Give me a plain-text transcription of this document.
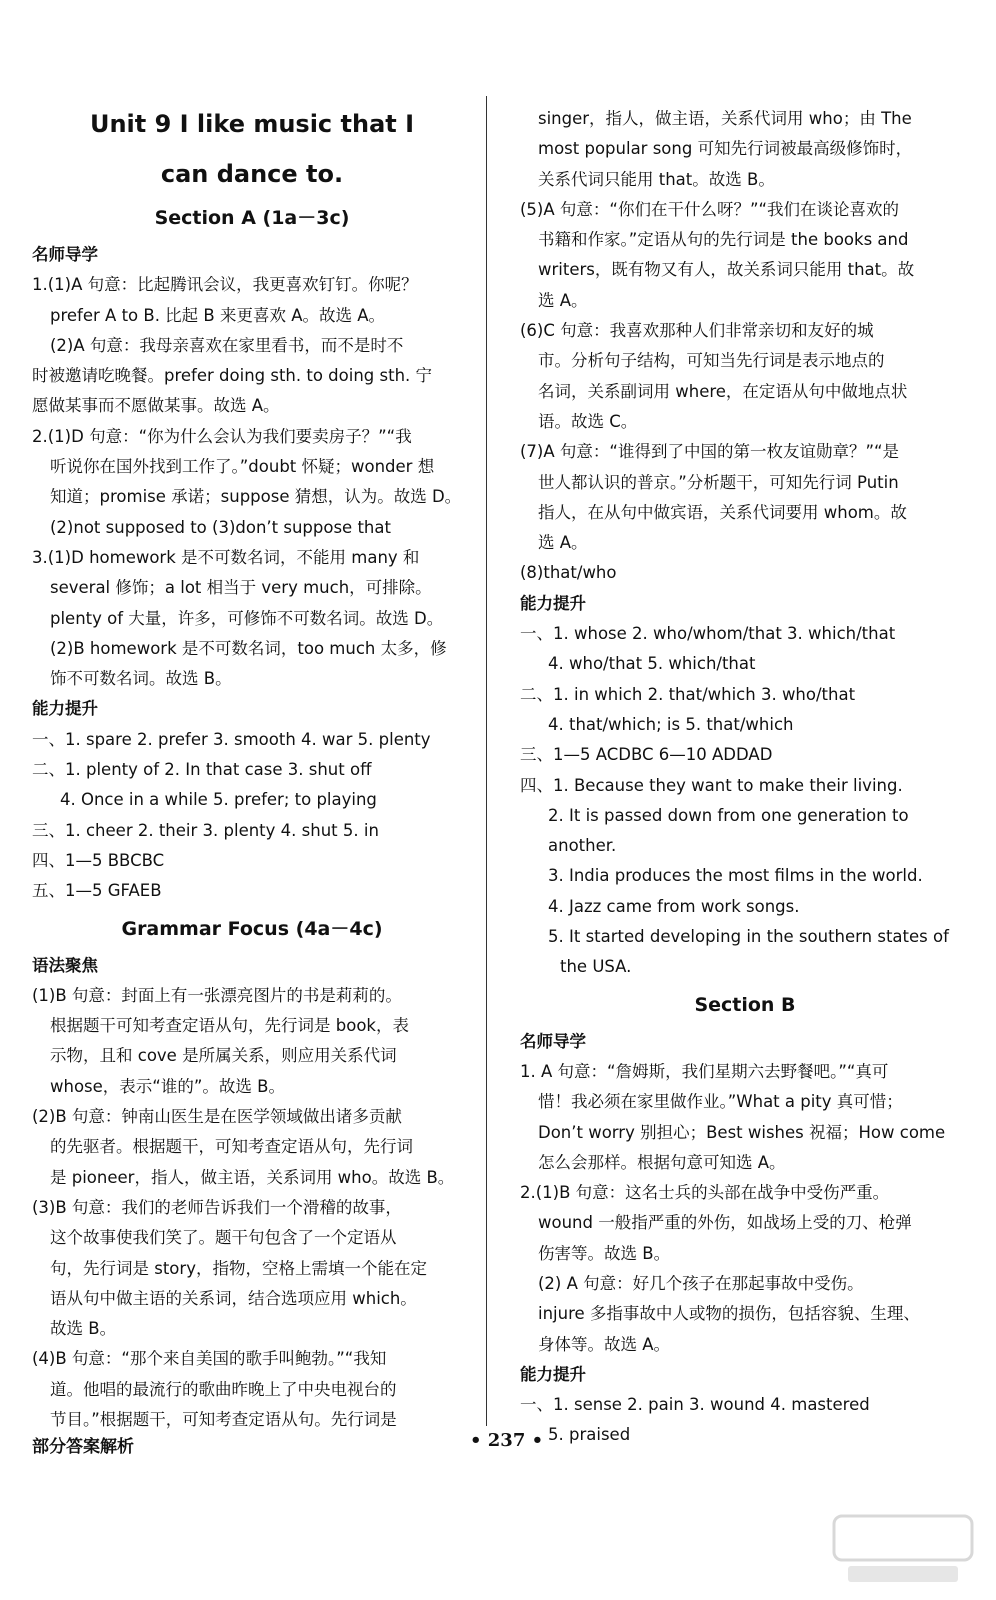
Unit 9 I like music that I
can dance to.
Section A (1a－3c)
名师导学
1.(1)A 句意：比起腾讯会议，我更喜欢钉钉。你呢？
prefer A to B. 比起 B 来更喜欢 A。故选 A。
(2)A 句意：我母亲喜欢在家里看书，而不是时不
时被邀请吃晚餐。prefer doing sth. to doing sth. 宁
愿做某事而不愿做某事。故选 A。
2.(1)D 句意：“你为什么会认为我们要卖房子？”“我
听说你在国外找到工作了。”doubt 怀疑；wonder 想
知道；promise 承诺；suppose 猜想，认为。故选 D。
(2)not supposed to (3)don’t suppose that
3.(1)D homework 是不可数名词，不能用 many 和
several 修饰；a lot 相当于 very much，可排除。
plenty of 大量，许多，可修饰不可数名词。故选 D。
(2)B homework 是不可数名词，too much 太多，修
饰不可数名词。故选 B。
能力提升
一、1. spare 2. prefer 3. smooth 4. war 5. plenty
二、1. plenty of 2. In that case 3. shut off
4. Once in a while 5. prefer; to playing
三、1. cheer 2. their 3. plenty 4. shut 5. in
四、1—5 BBCBC
五、1—5 GFAEB
Grammar Focus (4a－4c)
语法聚焦
(1)B 句意：封面上有一张漂亮图片的书是莉莉的。
根据题干可知考查定语从句，先行词是 book，表
示物，且和 cove 是所属关系，则应用关系代词
whose，表示“谁的”。故选 B。
(2)B 句意：钟南山医生是在医学领域做出诸多贡献
的先驱者。根据题干，可知考查定语从句，先行词
是 pioneer，指人，做主语，关系词用 who。故选 B。
(3)B 句意：我们的老师告诉我们一个滑稽的故事，
这个故事使我们笑了。题干句包含了一个定语从
句，先行词是 story，指物，空格上需填一个能在定
语从句中做主语的关系词，结合选项应用 which。
故选 B。
(4)B 句意：“那个来自美国的歌手叫鲍勃。”“我知
道。他唱的最流行的歌曲昨晚上了中央电视台的
节目。”根据题干，可知考查定语从句。先行词是
singer，指人，做主语，关系代词用 who；由 The
most popular song 可知先行词被最高级修饰时，
关系代词只能用 that。故选 B。
(5)A 句意：“你们在干什么呀？”“我们在谈论喜欢的
书籍和作家。”定语从句的先行词是 the books and
writers，既有物又有人，故关系词只能用 that。故
选 A。
(6)C 句意：我喜欢那种人们非常亲切和友好的城
市。分析句子结构，可知当先行词是表示地点的
名词，关系副词用 where，在定语从句中做地点状
语。故选 C。
(7)A 句意：“谁得到了中国的第一枚友谊勋章？”“是
世人都认识的普京。”分析题干，可知先行词 Putin
指人，在从句中做宾语，关系代词要用 whom。故
选 A。
(8)that/who
能力提升
一、1. whose 2. who/whom/that 3. which/that
4. who/that 5. which/that
二、1. in which 2. that/which 3. who/that
4. that/which; is 5. that/which
三、1—5 ACDBC 6—10 ADDAD
四、1. Because they want to make their living.
2. It is passed down from one generation to another.
3. India produces the most films in the world.
4. Jazz came from work songs.
5. It started developing in the southern states of
the USA.
Section B
名师导学
1. A 句意：“詹姆斯，我们星期六去野餐吧。”“真可
惜！我必须在家里做作业。”What a pity 真可惜；
Don’t worry 别担心；Best wishes 祝福；How come
怎么会那样。根据句意可知选 A。
2.(1)B 句意：这名士兵的头部在战争中受伤严重。
wound 一般指严重的外伤，如战场上受的刀、枪弹
伤害等。故选 B。
(2) A 句意：好几个孩子在那起事故中受伤。
injure 多指事故中人或物的损伤，包括容貌、生理、
身体等。故选 A。
能力提升
一、1. sense 2. pain 3. wound 4. mastered
5. praised
部分答案解析	• 237 •
